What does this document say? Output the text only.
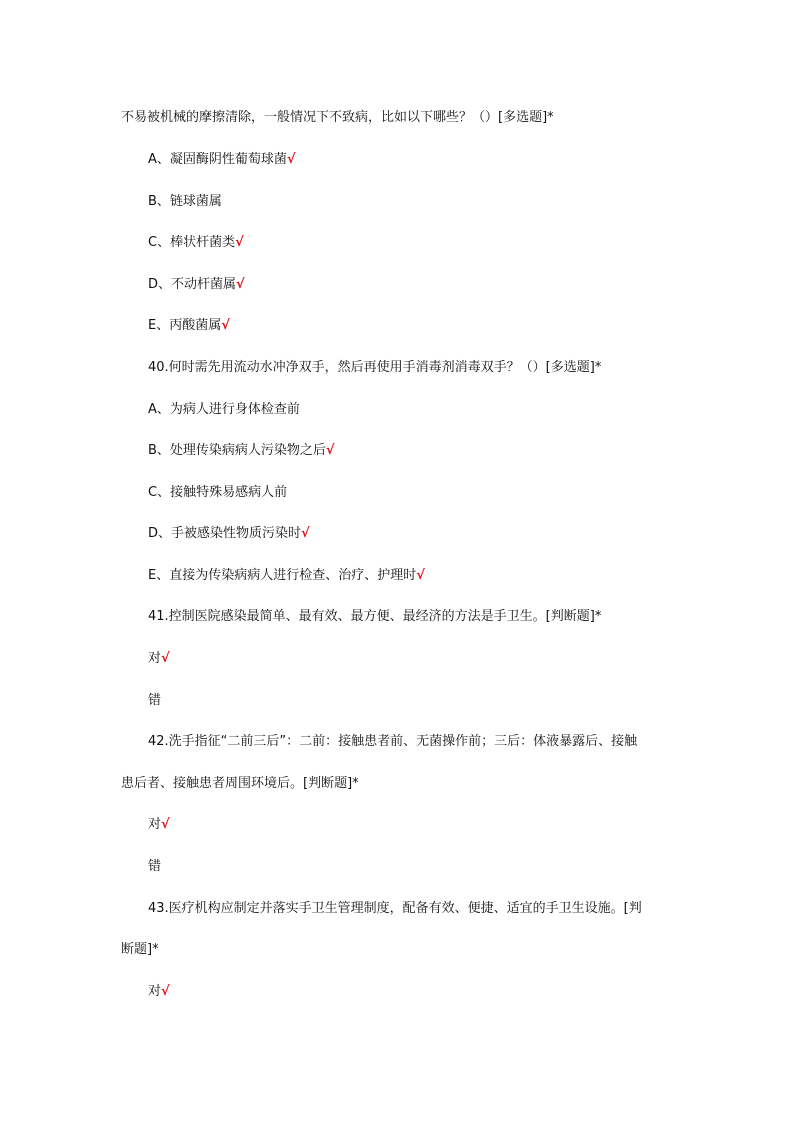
不易被机械的摩擦清除，一般情况下不致病，比如以下哪些？（）[多选题]*
A、凝固酶阴性葡萄球菌√
B、链球菌属
C、棒状杆菌类√
D、不动杆菌属√
E、丙酸菌属√
40.何时需先用流动水冲净双手，然后再使用手消毒剂消毒双手？（）[多选题]*
A、为病人进行身体检查前
B、处理传染病病人污染物之后√
C、接触特殊易感病人前
D、手被感染性物质污染时√
E、直接为传染病病人进行检查、治疗、护理时√
41.控制医院感染最简单、最有效、最方便、最经济的方法是手卫生。[判断题]*
对√
错
42.洗手指征“二前三后”：二前：接触患者前、无菌操作前；三后：体液暴露后、接触
患后者、接触患者周围环境后。[判断题]*
对√
错
43.医疗机构应制定并落实手卫生管理制度，配备有效、便捷、适宜的手卫生设施。[判
断题]*
对√
